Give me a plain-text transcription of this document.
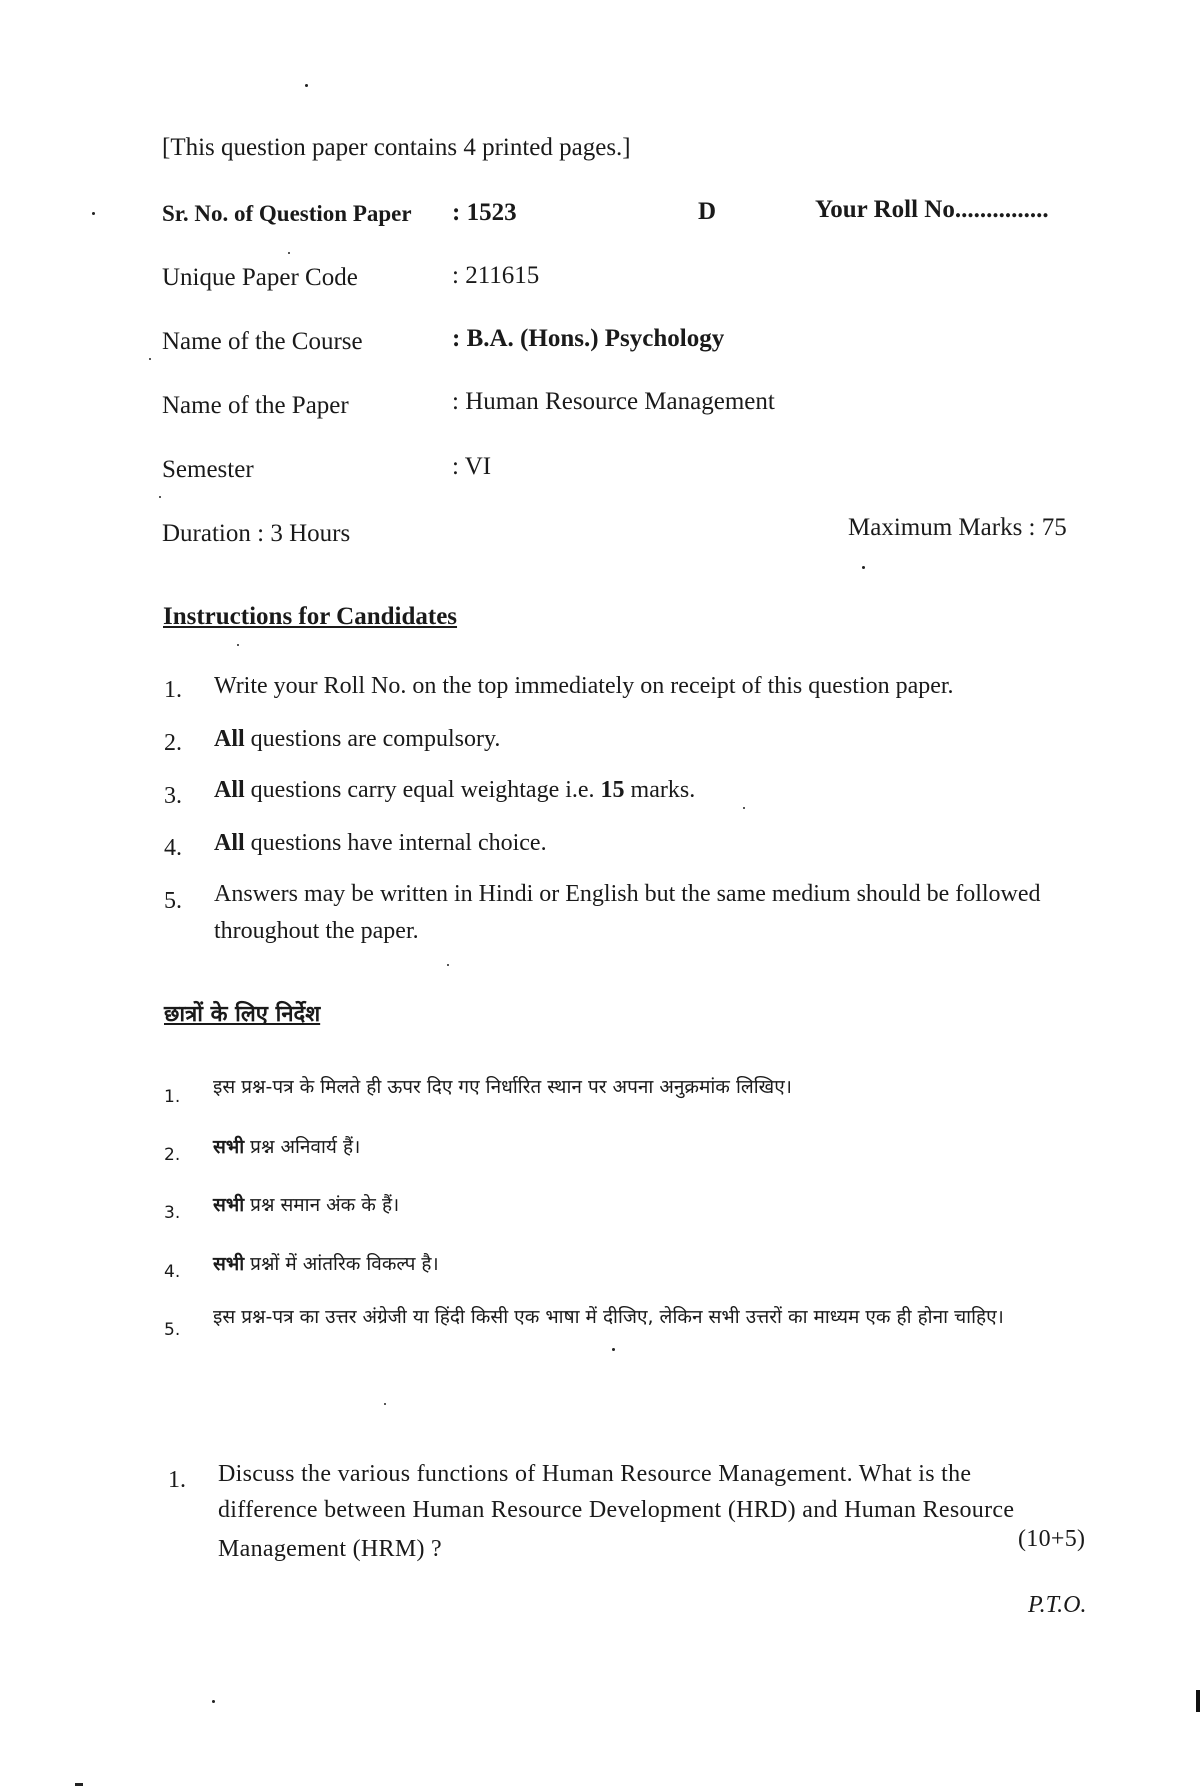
[This question paper contains 4 printed pages.]
Sr. No. of Question Paper : 1523	D	Your Roll No...............
Unique Paper Code	: 211615
Name of the Course	: B.A. (Hons.) Psychology
Name of the Paper	: Human Resource Management
Semester	: VI
Duration : 3 Hours	Maximum Marks : 75
Instructions for Candidates
1. Write your Roll No. on the top immediately on receipt of this question paper.
2. All questions are compulsory.
3. All questions carry equal weightage i.e. 15 marks.
4. All questions have internal choice.
5. Answers may be written in Hindi or English but the same medium should be followed throughout the paper.
छात्रों के लिए निर्देश
1. इस प्रश्न-पत्र के मिलते ही ऊपर दिए गए निर्धारित स्थान पर अपना अनुक्रमांक लिखिए।
2. सभी प्रश्न अनिवार्य हैं।
3. सभी प्रश्न समान अंक के हैं।
4. सभी प्रश्नों में आंतरिक विकल्प है।
5.
इस प्रश्न-पत्र का उत्तर अंग्रेजी या हिंदी किसी एक भाषा में दीजिए, लेकिन सभी उत्तरों का माध्यम एक ही होना चाहिए।
1. Discuss the various functions of Human Resource Management. What is the
difference between Human Resource Development (HRD) and Human Resource
Management (HRM) ?	(10+5)
P.T.O.
